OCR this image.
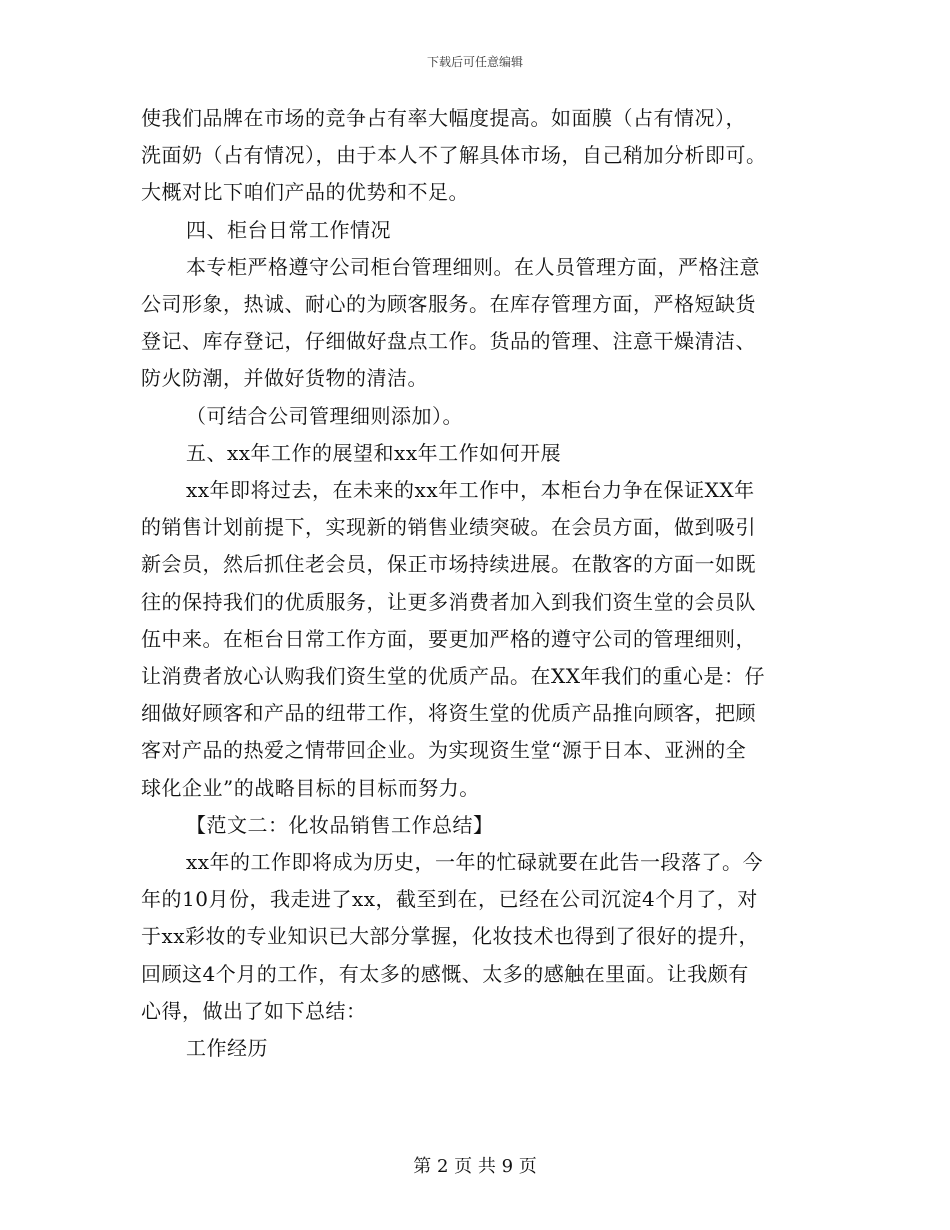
下载后可任意编辑
使我们品牌在市场的竞争占有率大幅度提高。如面膜（占有情况），
洗面奶（占有情况），由于本人不了解具体市场，自己稍加分析即可。
大概对比下咱们产品的优势和不足。
四、柜台日常工作情况
本专柜严格遵守公司柜台管理细则。在人员管理方面，严格注意
公司形象，热诚、耐心的为顾客服务。在库存管理方面，严格短缺货
登记、库存登记，仔细做好盘点工作。货品的管理、注意干燥清洁、
防火防潮，并做好货物的清洁。
（可结合公司管理细则添加）。
五、xx年工作的展望和xx年工作如何开展
xx年即将过去，在未来的xx年工作中，本柜台力争在保证XX年
的销售计划前提下，实现新的销售业绩突破。在会员方面，做到吸引
新会员，然后抓住老会员，保正市场持续进展。在散客的方面一如既
往的保持我们的优质服务，让更多消费者加入到我们资生堂的会员队
伍中来。在柜台日常工作方面，要更加严格的遵守公司的管理细则，
让消费者放心认购我们资生堂的优质产品。在XX年我们的重心是：仔
细做好顾客和产品的纽带工作，将资生堂的优质产品推向顾客，把顾
客对产品的热爱之情带回企业。为实现资生堂“源于日本、亚洲的全
球化企业”的战略目标的目标而努力。
【范文二：化妆品销售工作总结】
xx年的工作即将成为历史，一年的忙碌就要在此告一段落了。今
年的10月份，我走进了xx，截至到在，已经在公司沉淀4个月了，对
于xx彩妆的专业知识已大部分掌握，化妆技术也得到了很好的提升，
回顾这4个月的工作，有太多的感慨、太多的感触在里面。让我颇有
心得，做出了如下总结：
工作经历
第 2 页 共 9 页
